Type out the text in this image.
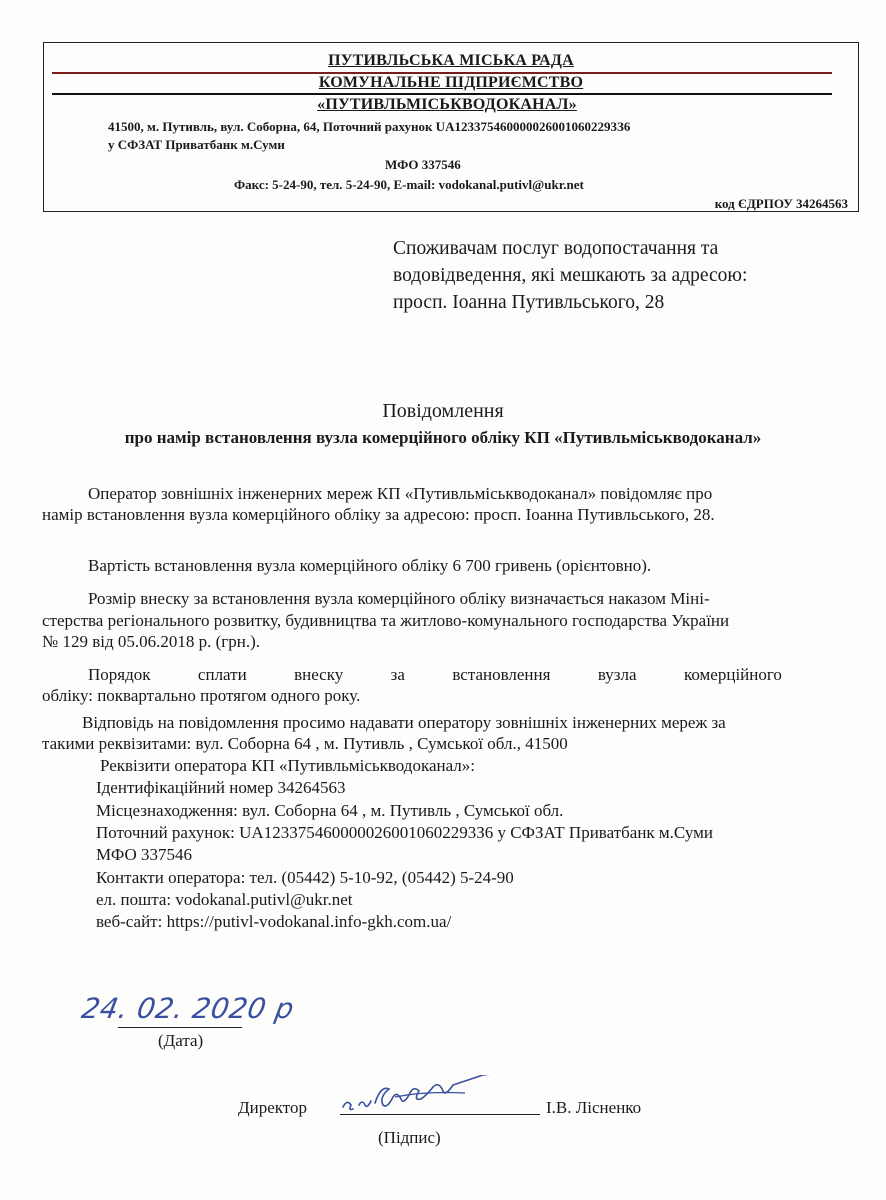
ПУТИВЛЬСЬКА МІСЬКА РАДА
КОМУНАЛЬНЕ ПІДПРИЄМСТВО
«ПУТИВЛЬМІСЬКВОДОКАНАЛ»
41500, м. Путивль, вул. Соборна, 64, Поточний рахунок UA1233754600000260010602293З6
у СФЗАТ Приватбанк м.Суми
МФО 337546
Факс: 5-24-90, тел. 5-24-90, E-mail: vodokanal.putivl@ukr.net
код ЄДРПОУ 34264563
Споживачам послуг водопостачання та
водовідведення, які мешкають за адресою:
просп. Іоанна Путивльського, 28
Повідомлення
про намір встановлення вузла комерційного обліку КП «Путивльміськводоканал»
Оператор зовнішніх інженерних мереж КП «Путивльміськводоканал» повідомляє про
намір встановлення вузла комерційного обліку за адресою: просп. Іоанна Путивльського, 28.
Вартість встановлення вузла комерційного обліку 6 700 гривень (орієнтовно).
Розмір внеску за встановлення вузла комерційного обліку визначається наказом Міні-
стерства регіонального розвитку, будивництва та житлово-комунального господарства України
№ 129 від 05.06.2018 р. (грн.).
Порядок	сплати	внеску	за	встановлення	вузла	комерційного
обліку: поквартально протягом одного року.
Відповідь на повідомлення просимо надавати оператору зовнішніх інженерних мереж за
такими реквізитами: вул. Соборна 64 , м. Путивль , Сумської обл., 41500
Реквізити оператора КП «Путивльміськводоканал»:
Ідентифікаційний номер 34264563
Місцезнаходження: вул. Соборна 64 , м. Путивль , Сумської обл.
Поточний рахунок: UA1233754600000260010602293З6 у СФЗАТ Приватбанк м.Суми
МФО 337546
Контакти оператора: тел. (05442) 5-10-92, (05442) 5-24-90
ел. пошта: vodokanal.putivl@ukr.net
веб-сайт: https://putivl-vodokanal.info-gkh.com.ua/
24. 02. 2020 р
(Дата)
Директор	І.В. Лісненко
(Підпис)
